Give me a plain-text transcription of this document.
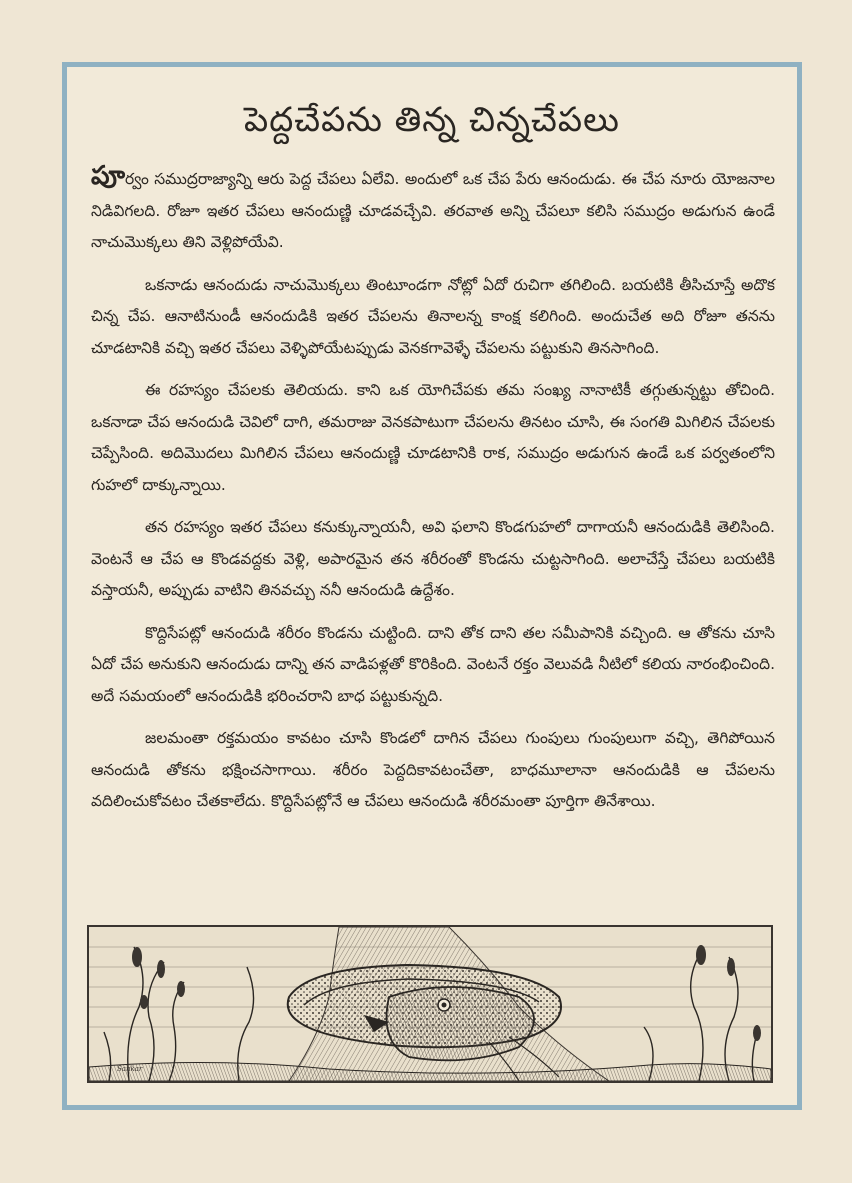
పెద్దచేపను తిన్న చిన్నచేపలు

పూర్వం సముద్రరాజ్యాన్ని ఆరు పెద్ద చేపలు ఏలేవి. అందులో ఒక చేప పేరు ఆనందుడు. ఈ చేప నూరు యోజనాల నిడివిగలది. రోజూ ఇతర చేపలు ఆనందుణ్ణి చూడవచ్చేవి. తరవాత అన్ని చేపలూ కలిసి సముద్రం అడుగున ఉండే నాచుమొక్కలు తిని వెళ్లిపోయేవి.

ఒకనాడు ఆనందుడు నాచుమొక్కలు తింటూండగా నోట్లో ఏదో రుచిగా తగిలింది. బయటికి తీసిచూస్తే అదొక చిన్న చేప. ఆనాటినుండీ ఆనందుడికి ఇతర చేపలను తినాలన్న కాంక్ష కలిగింది. అందుచేత అది రోజూ తనను చూడటానికి వచ్చి ఇతర చేపలు వెళ్ళిపోయేటప్పుడు వెనకగావెళ్ళే చేపలను పట్టుకుని తినసాగింది.

ఈ రహస్యం చేపలకు తెలియదు. కాని ఒక యోగిచేపకు తమ సంఖ్య నానాటికీ తగ్గుతున్నట్టు తోచింది. ఒకనాడా చేప ఆనందుడి చెవిలో దాగి, తమరాజు వెనకపాటుగా చేపలను తినటం చూసి, ఈ సంగతి మిగిలిన చేపలకు చెప్పేసింది. అదిమొదలు మిగిలిన చేపలు ఆనందుణ్ణి చూడటానికి రాక, సముద్రం అడుగున ఉండే ఒక పర్వతంలోని గుహలో దాక్కున్నాయి.

తన రహస్యం ఇతర చేపలు కనుక్కున్నాయనీ, అవి ఫలాని కొండగుహలో దాగాయనీ ఆనందుడికి తెలిసింది. వెంటనే ఆ చేప ఆ కొండవద్దకు వెళ్లి, అపారమైన తన శరీరంతో కొండను చుట్టసాగింది. అలాచేస్తే చేపలు బయటికి వస్తాయనీ, అప్పుడు వాటిని తినవచ్చు ననీ ఆనందుడి ఉద్దేశం.

కొద్దిసేపట్లో ఆనందుడి శరీరం కొండను చుట్టింది. దాని తోక దాని తల సమీపానికి వచ్చింది. ఆ తోకను చూసి ఏదో చేప అనుకుని ఆనందుడు దాన్ని తన వాడిపళ్లతో కొరికింది. వెంటనే రక్తం వెలువడి నీటిలో కలియ నారంభించింది. అదే సమయంలో ఆనందుడికి భరించరాని బాధ పట్టుకున్నది.

జలమంతా రక్తమయం కావటం చూసి కొండలో దాగిన చేపలు గుంపులు గుంపులుగా వచ్చి, తెగిపోయిన ఆనందుడి తోకను భక్షించసాగాయి. శరీరం పెద్దదికావటంచేతా, బాధమూలానా ఆనందుడికి ఆ చేపలను వదిలించుకోవటం చేతకాలేదు. కొద్దిసేపట్లోనే ఆ చేపలు ఆనందుడి శరీరమంతా పూర్తిగా తినేశాయి.

Sankar
